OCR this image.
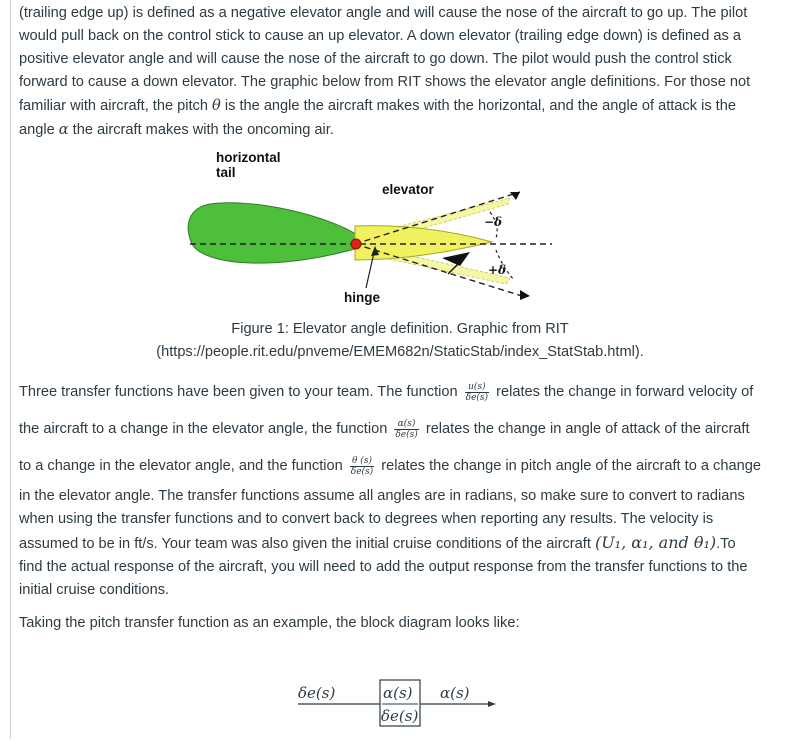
(trailing edge up) is defined as a negative elevator angle and will cause the nose of the aircraft to go up. The pilot
would pull back on the control stick to cause an up elevator. A down elevator (trailing edge down) is defined as a
positive elevator angle and will cause the nose of the aircraft to go down. The pilot would push the control stick
forward to cause a down elevator. The graphic below from RIT shows the elevator angle definitions. For those not
familiar with aircraft, the pitch θ is the angle the aircraft makes with the horizontal, and the angle of attack is the
angle α the aircraft makes with the oncoming air.
horizontal
tail
elevator
hinge
−δ
+δ
Figure 1: Elevator angle definition. Graphic from RIT
(https://people.rit.edu/pnveme/EMEM682n/StaticStab/index_StatStab.html).
Three transfer functions have been given to your team. The function $\frac{u(s)}{\delta e(s)}$ relates the change in forward velocity of
the aircraft to a change in the elevator angle, the function $\frac{\alpha(s)}{\delta e(s)}$ relates the change in angle of attack of the aircraft
to a change in the elevator angle, and the function $\frac{\theta (s)}{\delta e(s)}$ relates the change in pitch angle of the aircraft to a change
in the elevator angle. The transfer functions assume all angles are in radians, so make sure to convert to radians
when using the transfer functions and to convert back to degrees when reporting any results. The velocity is
assumed to be in ft/s. Your team was also given the initial cruise conditions of the aircraft (U₁, α₁, and θ₁).To
find the actual response of the aircraft, you will need to add the output response from the transfer functions to the
initial cruise conditions.
Taking the pitch transfer function as an example, the block diagram looks like:
δe(s)	α(s)
δe(s)
α(s)
